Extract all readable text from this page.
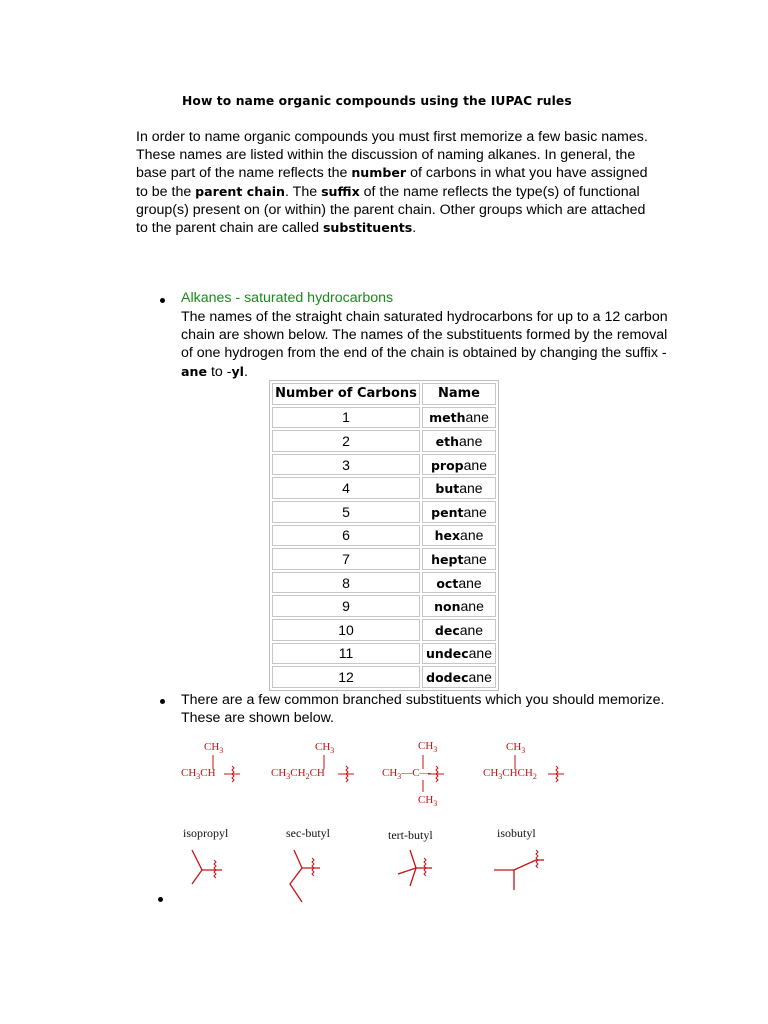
How to name organic compounds using the IUPAC rules
In order to name organic compounds you must first memorize a few basic names. These names are listed within the discussion of naming alkanes. In general, the base part of the name reflects the number of carbons in what you have assigned to be the parent chain. The suffix of the name reflects the type(s) of functional group(s) present on (or within) the parent chain. Other groups which are attached to the parent chain are called substituents.
Alkanes - saturated hydrocarbons
The names of the straight chain saturated hydrocarbons for up to a 12 carbon chain are shown below. The names of the substituents formed by the removal of one hydrogen from the end of the chain is obtained by changing the suffix -ane to -yl.
Number of Carbons	Name
1	methane
2	ethane
3	propane
4	butane
5	pentane
6	hexane
7	heptane
8	octane
9	nonane
10	decane
11	undecane
12	dodecane
There are a few common branched substituents which you should memorize. These are shown below.
$CH_3$
$CH_3CH$
$CH_3$
$CH_3CH_2CH$
$CH_3$
$CH_3—C—$
$CH_3$
$CH_3$
$CH_3CHCH_2$
isopropyl	sec-butyl	tert-butyl	isobutyl
